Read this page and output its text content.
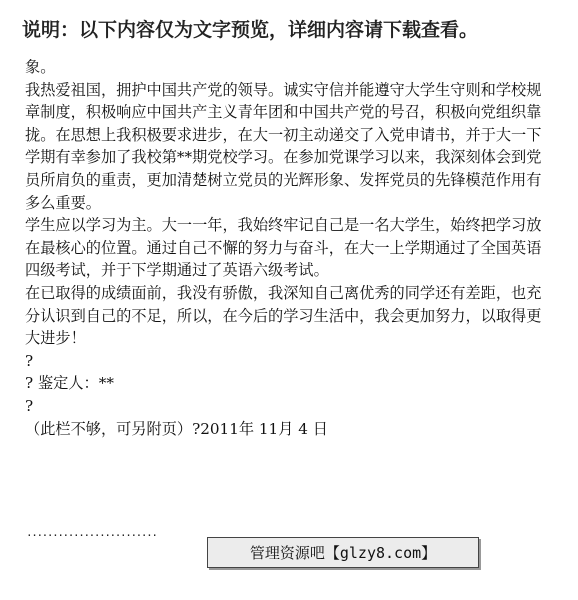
说明：以下内容仅为文字预览，详细内容请下载查看。

象。

我热爱祖国，拥护中国共产党的领导。诚实守信并能遵守大学生守则和学校规章制度，积极响应中国共产主义青年团和中国共产党的号召，积极向党组织靠拢。在思想上我积极要求进步，在大一初主动递交了入党申请书，并于大一下学期有幸参加了我校第**期党校学习。在参加党课学习以来，我深刻体会到党员所肩负的重责，更加清楚树立党员的光辉形象、发挥党员的先锋模范作用有多么重要。

学生应以学习为主。大一一年，我始终牢记自己是一名大学生，始终把学习放在最核心的位置。通过自己不懈的努力与奋斗，在大一上学期通过了全国英语四级考试，并于下学期通过了英语六级考试。

在已取得的成绩面前，我没有骄傲，我深知自己离优秀的同学还有差距，也充分认识到自己的不足，所以，在今后的学习生活中，我会更加努力，以取得更大进步！

?

? 鉴定人：**

?

（此栏不够，可另附页）?2011年 11月 4 日

·························
管理资源吧【glzy8.com】
